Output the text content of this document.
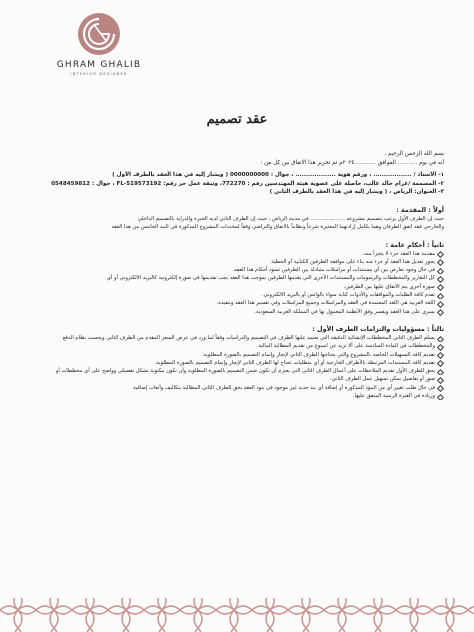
GHRAM GHALIB
INTERIOR DESIGNER
عقد تصميم
بسم الله الرحمن الرحيم ،
أنه في يوم ........... الموافق ............٢٠٢٤م تم تحرير هذا الاتفاق بين كل من :
١- الأستاذ / .................. ، ورقم هوية ................... ، جوال : 0000000000 ( ويشار إليه في هذا العقد بالطرف الأول )
٢- المصممة /غرام خالد غالب، حاصلة على عضوية هيئة المهندسين رقم : 772270، وثيقة عمل حر رقم: FL-519573192 ، جوال : 0548459812
٣- العنوان: الرياض ، ( ويشار إليه في هذا العقد بالطرف الثاني )
أولاً : المقدمة :
حيث إن الطرف الأول يرغب بتصميم مشروعه ..................... في مدينة الرياض ، حيث إن الطرف الثاني لديه الخبرة والدراية بالتصميم الداخلي
والخارجي فقد اتفق الطرفان وهما بكامل إرادتهما المعتبرة شرعاً ونظاماً بالاتفاق والتراضي وفقاً لمحددات المشروع المذكورة في البند الخامس من هذا العقد
ثانياً : أحكام عامة :
مقدمة هذا العقد جزء لا يتجزأ منه.
يجوز تعديل هذا العقد أو جزء منه بناء على موافقة الطرفين الكتابية أو الخطية.
في حال وجود تعارض بين أي مستندات أو مراسلات متبادلة بين الطرفين تسود أحكام هذا العقد.
كل التقارير والمخططات والرسومات والمستندات الأخرى التي يقدمها الطرفين بموجب هذا العقد يجب تقديمها في صورة إلكترونية كالبريد الالكتروني أو أي
صورة أخرى يتم الاتفاق عليها بين الطرفين.
تقدم كافة الطلبات والموافقات والأدوات كتابة سواء بالواتس أو بالبريد الالكتروني.
اللغة العربية هي اللغة المعتمدة في العقد والمراسلات وجميع المراسلات وفي تفسير هذا العقد وتنفيذه.
يسري على هذا العقد ويفسر وفق الأنظمة المعمول بها في المملكة العربية السعودية.
ثالثاً : مسؤوليات والتزامات الطرف الأول :
يسلم الطرف الثاني المخططات الإنشائية الدقيقة التي يعتمد عليها الطرف في التصميم والدراسات وفقاً لما ورد في عرض السعر المقدم من الطرف الثاني وبحسب نظام الدفع
والمخططات في المادة السادسة على ألا تزيد عن اسبوع من تقديم المطالبة المالية.
تقديم كافة التسهيلات الخاصة بالمشروع والتي يحتاجها الطرف الثاني لإنجاز وإتمام التصميم بالصورة المطلوبة.
تقديم كافة المستندات المرتبطة بالأطراف الخارجية أو أي متطلبات تحتاج لها الطرف الثاني لإنجاز وإتمام التصميم بالصورة المطلوبة.
يحق للطرف الأول تقديم الملاحظات على أعمال الطرف الثاني التي يعتزم أن تكون ضمن التصميم بالصورة المطلوبة وأن تكون مكتوبة بشكل تفصيلي وواضح على أي مخططات أو
صور أو تفاصيل يمكن تسهيل عمل الطرف الثاني.
في حال طلب تغيير أي من البنود المذكورة أو إضافة أي بند جديد غير موجود في بنود العقد يحق للطرف الثاني المطالبة بتكاليف وأتعاب إضافية
وزيادة في الفترة الزمنية المتفق عليها.
